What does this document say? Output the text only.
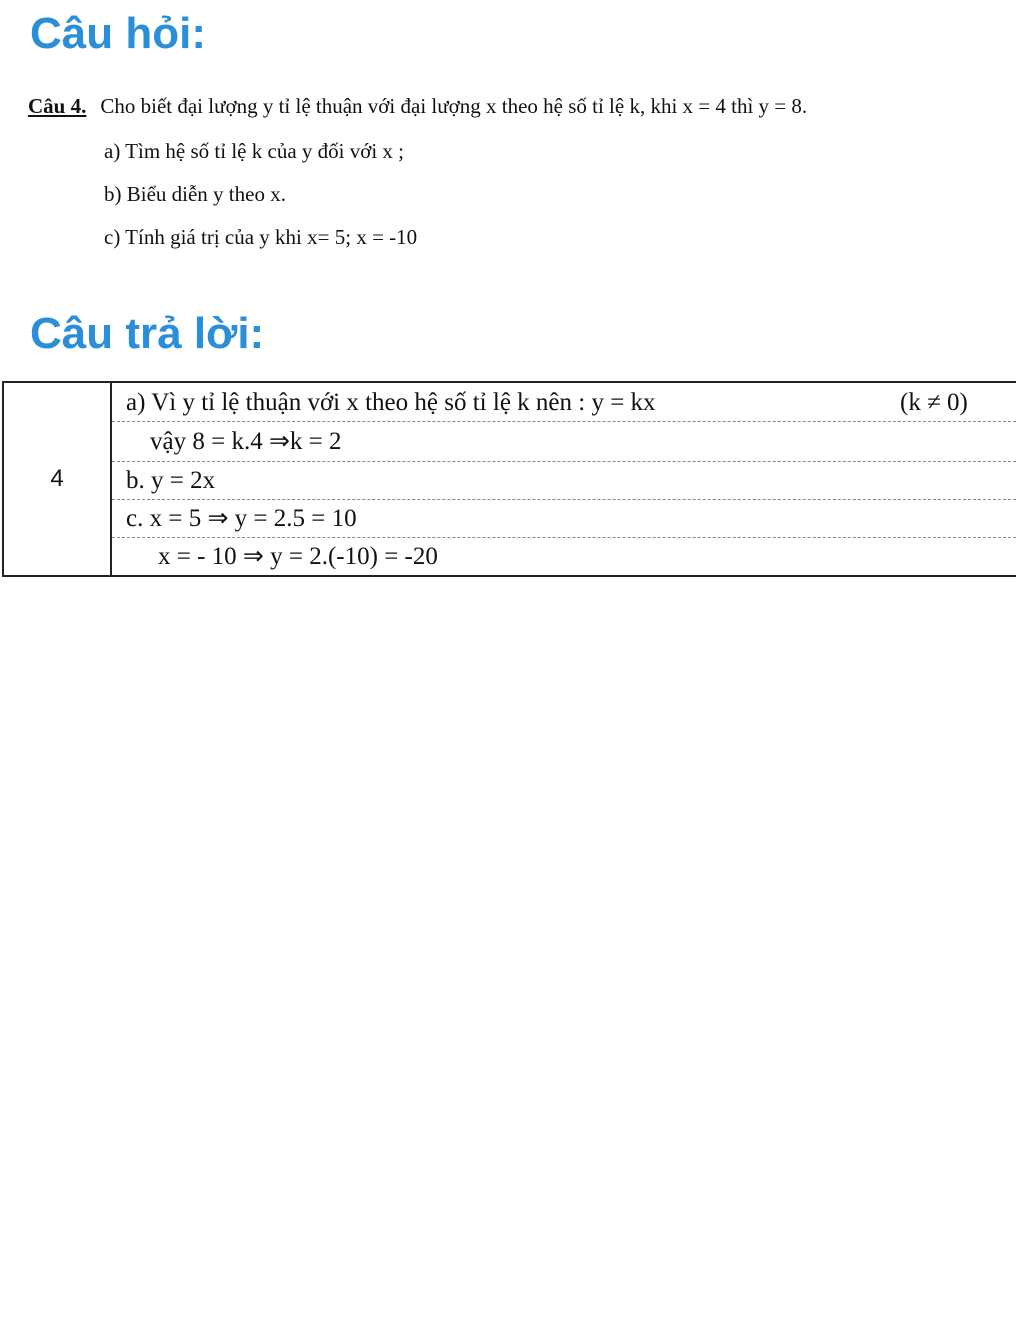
Câu hỏi:
Câu 4. Cho biết đại lượng y tỉ lệ thuận với đại lượng x theo hệ số tỉ lệ k, khi x = 4 thì y = 8.
a) Tìm hệ số tỉ lệ k của y đối với x ;
b) Biểu diễn y theo x.
c) Tính giá trị của y khi x= 5; x = -10
Câu trả lời:
4
a) Vì y tỉ lệ thuận với x theo hệ số tỉ lệ k nên : y = kx	(k ≠ 0)
vậy 8 = k.4 ⇒k = 2
b. y = 2x
c. x = 5 ⇒ y = 2.5 = 10
x = - 10 ⇒ y = 2.(-10) = -20
